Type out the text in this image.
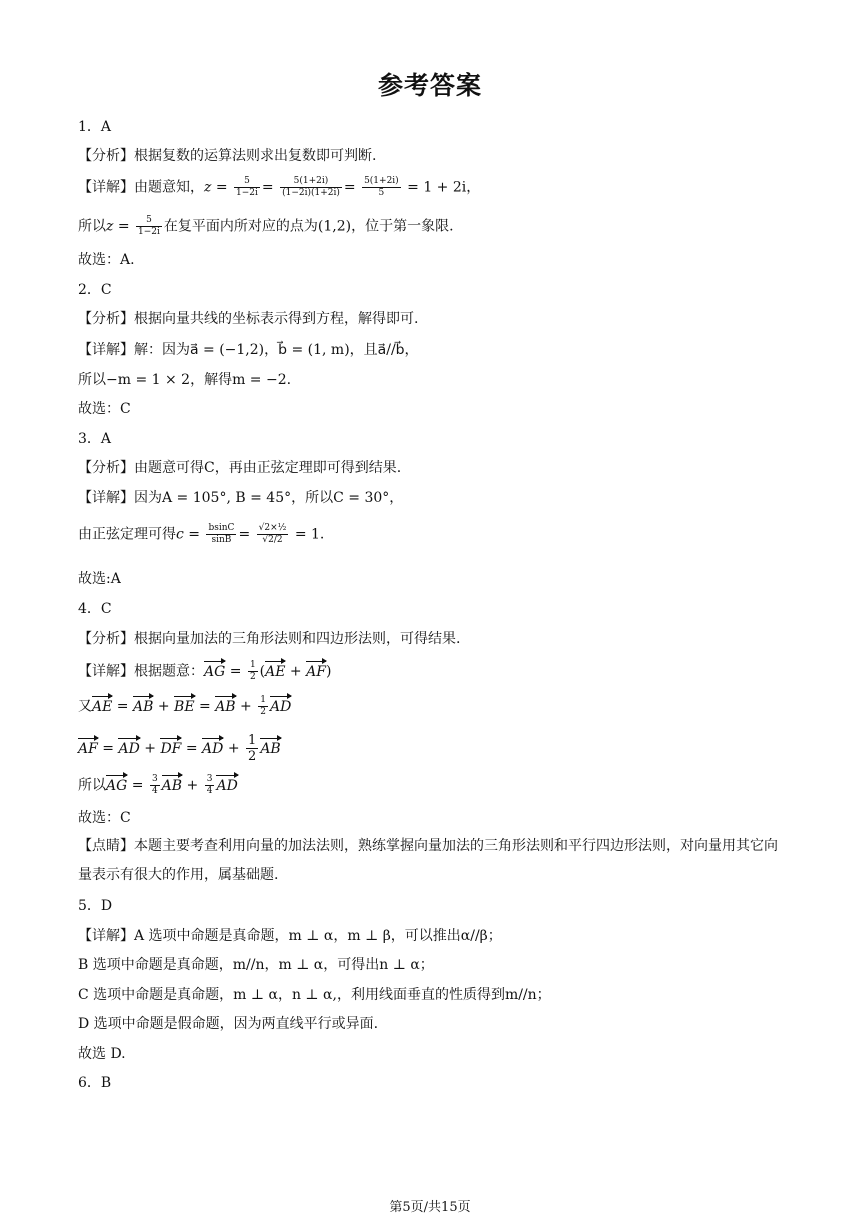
参考答案
1．A
【分析】根据复数的运算法则求出复数即可判断.
【详解】由题意知，$z = \frac{5}{1-2i} = \frac{5(1+2i)}{(1-2i)(1+2i)} = \frac{5(1+2i)}{5} = 1 + 2i$，
所以$z = \frac{5}{1-2i}$ 在复平面内所对应的点为(1,2)，位于第一象限.
故选：A.
2．C
【分析】根据向量共线的坐标表示得到方程，解得即可.
【详解】解：因为a⃗ = (−1,2)，b⃗ = (1, m)，且a⃗//b⃗，
所以−m = 1 × 2，解得m = −2.
故选：C
3．A
【分析】由题意可得C，再由正弦定理即可得到结果.
【详解】因为A = 105°, B = 45°，所以C = 30°，
由正弦定理可得$c = \frac{bsinC}{\sin B} = \frac{\text{√2×½}}{√2/2} = 1$.
故选:A
4．C
【分析】根据向量加法的三角形法则和四边形法则，可得结果.
【详解】根据题意：AG = $\frac{1}{2} (AE + AF)$
又AE = AB + BE = AB + $\frac{1}{2}$ AD
AF = AD + DF = AD + $\frac{1}{2}$ AB
所以AG = $\frac{3}{4}$ AB + $\frac{3}{4}$ AD
故选：C
【点睛】本题主要考查利用向量的加法法则，熟练掌握向量加法的三角形法则和平行四边形法则，对向量用其它向量表示有很大的作用，属基础题.
5．D
【详解】A 选项中命题是真命题，m ⊥ α，m ⊥ β，可以推出α//β；
B 选项中命题是真命题，m//n，m ⊥ α，可得出n ⊥ α；
C 选项中命题是真命题，m ⊥ α，n ⊥ α,，利用线面垂直的性质得到m//n；
D 选项中命题是假命题，因为两直线平行或异面.
故选 D.
6．B
第5页/共15页
